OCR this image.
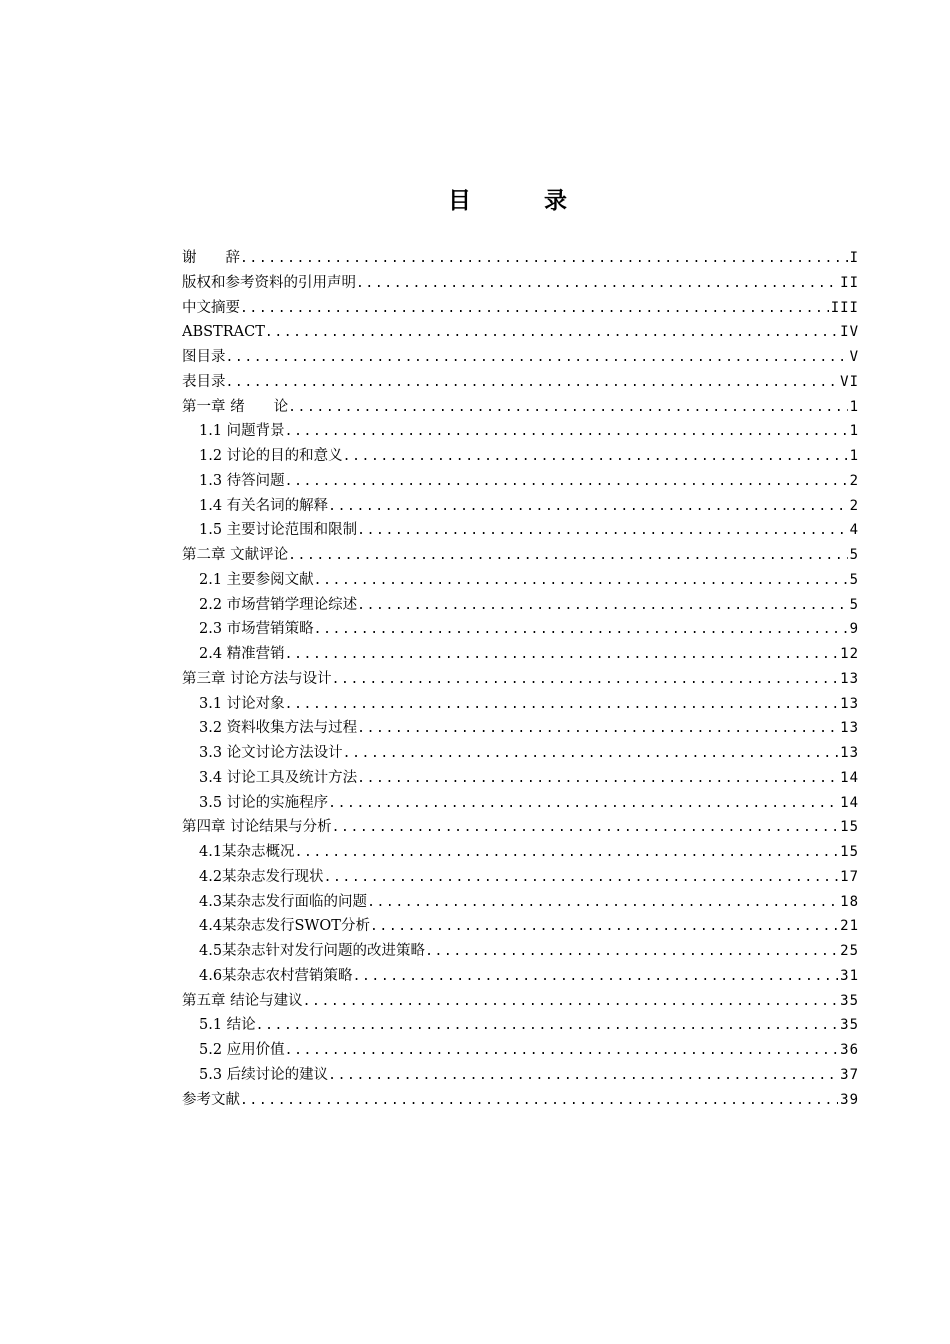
目　录
谢　　辞 .....	I
版权和参考资料的引用声明 .....	II
中文摘要 .....	III
ABSTRACT .....	IV
图目录 .....	V
表目录 .....	VI
第一章 绪　　论 .....	1
1.1 问题背景 .....	1
1.2 讨论的目的和意义 .....	1
1.3 待答问题 .....	2
1.4 有关名词的解释 .....	2
1.5 主要讨论范围和限制 .....	4
第二章 文献评论 .....	5
2.1 主要参阅文献 .....	5
2.2 市场营销学理论综述 .....	5
2.3 市场营销策略 .....	9
2.4 精准营销 .....	12
第三章 讨论方法与设计 .....	13
3.1 讨论对象 .....	13
3.2 资料收集方法与过程 .....	13
3.3 论文讨论方法设计 .....	13
3.4 讨论工具及统计方法 .....	14
3.5 讨论的实施程序 .....	14
第四章 讨论结果与分析 .....	15
4.1某杂志概况 .....	15
4.2某杂志发行现状 .....	17
4.3某杂志发行面临的问题 .....	18
4.4某杂志发行SWOT分析 .....	21
4.5某杂志针对发行问题的改进策略 .....	25
4.6某杂志农村营销策略 .....	31
第五章 结论与建议 .....	35
5.1 结论 .....	35
5.2 应用价值 .....	36
5.3 后续讨论的建议 .....	37
参考文献 .....	39
